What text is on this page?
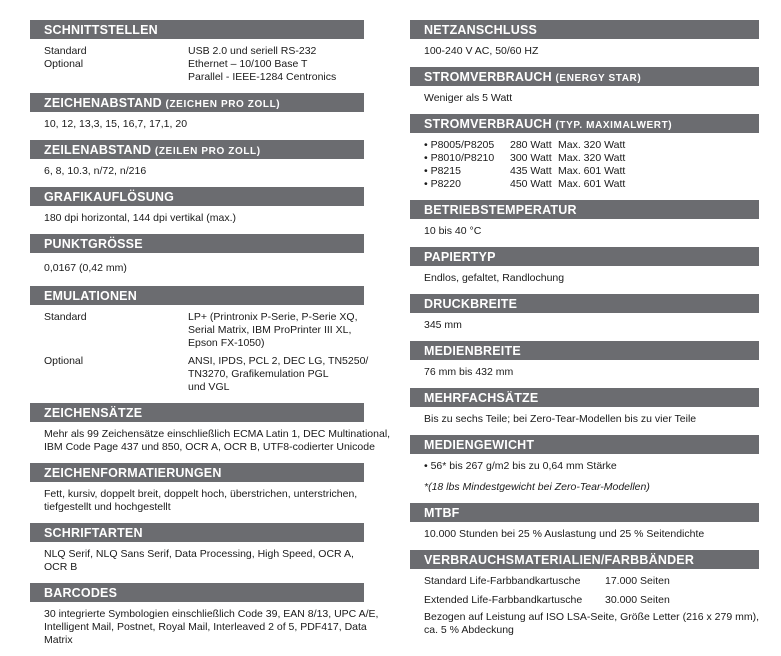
SCHNITTSTELLEN
Standard	USB 2.0 und seriell RS-232
Optional	Ethernet – 10/100 Base T
Parallel - IEEE-1284 Centronics
ZEICHENABSTAND (ZEICHEN PRO ZOLL)
10, 12, 13,3, 15, 16,7, 17,1, 20
ZEILENABSTAND (ZEILEN PRO ZOLL)
6, 8, 10.3, n/72, n/216
GRAFIKAUFLÖSUNG
180 dpi horizontal, 144 dpi vertikal (max.)
PUNKTGRÖSSE
0,0167 (0,42 mm)
EMULATIONEN
Standard	LP+ (Printronix P-Serie, P-Serie XQ,
Serial Matrix, IBM ProPrinter III XL,
Epson FX-1050)
Optional	ANSI, IPDS, PCL 2, DEC LG, TN5250/
TN3270, Grafikemulation PGL
und VGL
ZEICHENSÄTZE
Mehr als 99 Zeichensätze einschließlich ECMA Latin 1, DEC Multinational,
IBM Code Page 437 und 850, OCR A, OCR B, UTF8-codierter Unicode
ZEICHENFORMATIERUNGEN
Fett, kursiv, doppelt breit, doppelt hoch, überstrichen, unterstrichen,
tiefgestellt und hochgestellt
SCHRIFTARTEN
NLQ Serif, NLQ Sans Serif, Data Processing, High Speed, OCR A,
OCR B
BARCODES
30 integrierte Symbologien einschließlich Code 39, EAN 8/13, UPC A/E,
Intelligent Mail, Postnet, Royal Mail, Interleaved 2 of 5, PDF417, Data
Matrix
NETZANSCHLUSS
100-240 V AC, 50/60 HZ
STROMVERBRAUCH (ENERGY STAR)
Weniger als 5 Watt
STROMVERBRAUCH (TYP. MAXIMALWERT)
• P8005/P8205	280 Watt Max. 320 Watt
• P8010/P8210	300 Watt Max. 320 Watt
• P8215	435 Watt Max. 601 Watt
• P8220	450 Watt Max. 601 Watt
BETRIEBSTEMPERATUR
10 bis 40 °C
PAPIERTYP
Endlos, gefaltet, Randlochung
DRUCKBREITE
345 mm
MEDIENBREITE
76 mm bis 432 mm
MEHRFACHSÄTZE
Bis zu sechs Teile; bei Zero-Tear-Modellen bis zu vier Teile
MEDIENGEWICHT
• 56* bis 267 g/m2 bis zu 0,64 mm Stärke
*(18 lbs Mindestgewicht bei Zero-Tear-Modellen)
MTBF
10.000 Stunden bei 25 % Auslastung und 25 % Seitendichte
VERBRAUCHSMATERIALIEN/FARBBÄNDER
Standard Life-Farbbandkartusche	17.000 Seiten
Extended Life-Farbbandkartusche	30.000 Seiten
Bezogen auf Leistung auf ISO LSA-Seite, Größe Letter (216 x 279 mm),
ca. 5 % Abdeckung
